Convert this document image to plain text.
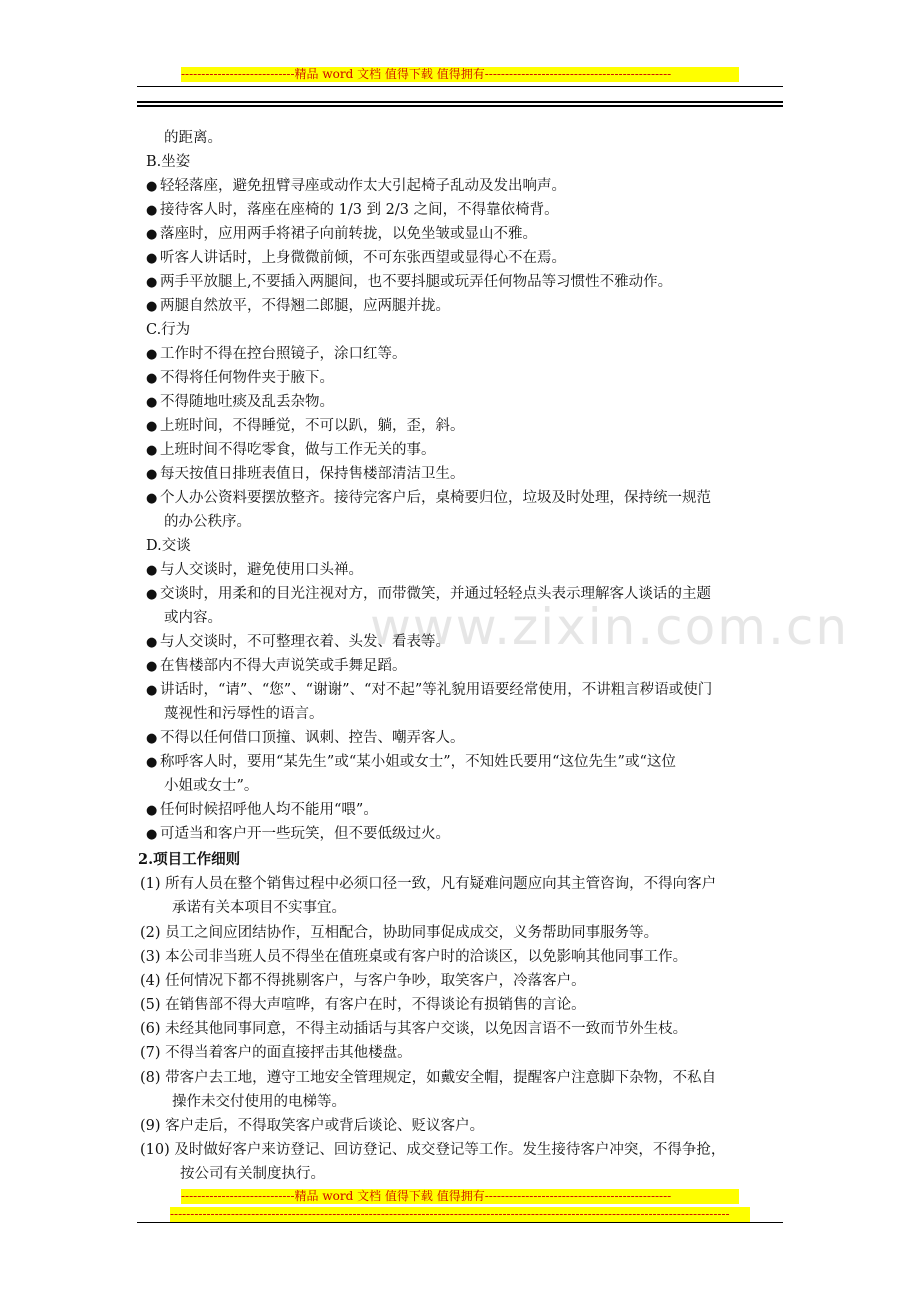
----------------------------精品 word 文档 值得下载 值得拥有----------------------------------------------
www.zixin.com.cn
的距离。
B.坐姿
● 轻轻落座，避免扭臂寻座或动作太大引起椅子乱动及发出响声。
● 接待客人时，落座在座椅的 1/3 到 2/3 之间，不得靠依椅背。
● 落座时，应用两手将裙子向前转拢，以免坐皱或显山不雅。
● 听客人讲话时，上身微微前倾，不可东张西望或显得心不在焉。
● 两手平放腿上,不要插入两腿间，也不要抖腿或玩弄任何物品等习惯性不雅动作。
● 两腿自然放平，不得翘二郎腿，应两腿并拢。
C.行为
● 工作时不得在控台照镜子，涂口红等。
● 不得将任何物件夹于腋下。
● 不得随地吐痰及乱丢杂物。
● 上班时间，不得睡觉，不可以趴，躺，歪，斜。
● 上班时间不得吃零食，做与工作无关的事。
● 每天按值日排班表值日，保持售楼部清洁卫生。
● 个人办公资料要摆放整齐。接待完客户后，桌椅要归位，垃圾及时处理，保持统一规范
的办公秩序。
D.交谈
● 与人交谈时，避免使用口头禅。
● 交谈时，用柔和的目光注视对方，而带微笑，并通过轻轻点头表示理解客人谈话的主题
或内容。
● 与人交谈时，不可整理衣着、头发、看表等。
● 在售楼部内不得大声说笑或手舞足蹈。
● 讲话时，“请”、“您”、“谢谢”、“对不起”等礼貌用语要经常使用，不讲粗言秽语或使门
蔑视性和污辱性的语言。
● 不得以任何借口顶撞、讽刺、控告、嘲弄客人。
● 称呼客人时，要用“某先生”或“某小姐或女士”，不知姓氏要用“这位先生”或“这位
小姐或女士”。
● 任何时候招呼他人均不能用“喂”。
● 可适当和客户开一些玩笑，但不要低级过火。
2.项目工作细则
(1) 所有人员在整个销售过程中必须口径一致，凡有疑难问题应向其主管咨询，不得向客户
承诺有关本项目不实事宜。
(2) 员工之间应团结协作，互相配合，协助同事促成成交，义务帮助同事服务等。
(3) 本公司非当班人员不得坐在值班桌或有客户时的洽谈区，以免影响其他同事工作。
(4) 任何情况下都不得挑剔客户，与客户争吵，取笑客户，冷落客户。
(5) 在销售部不得大声喧哗，有客户在时，不得谈论有损销售的言论。
(6) 未经其他同事同意，不得主动插话与其客户交谈，以免因言语不一致而节外生枝。
(7) 不得当着客户的面直接抨击其他楼盘。
(8) 带客户去工地，遵守工地安全管理规定，如戴安全帽，提醒客户注意脚下杂物，不私自
操作未交付使用的电梯等。
(9) 客户走后，不得取笑客户或背后谈论、贬议客户。
(10) 及时做好客户来访登记、回访登记、成交登记等工作。发生接待客户冲突，不得争抢，
按公司有关制度执行。
----------------------------精品 word 文档 值得下载 值得拥有----------------------------------------------
------------------------------------------------------------------------------------------------------------------------------------------
